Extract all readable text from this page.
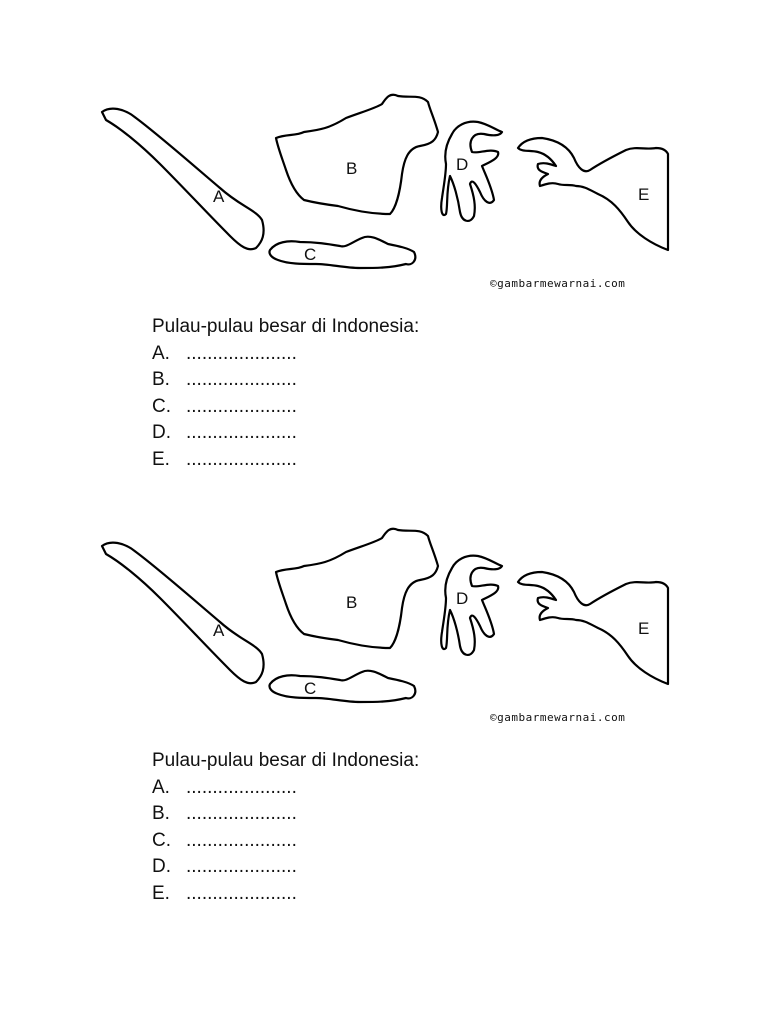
A
B	D
E
C
©gambarmewarnai.com
Pulau-pulau besar di Indonesia:
A. .....................
B. .....................
C. .....................
D. .....................
E. .....................
A
B	D
E
C
©gambarmewarnai.com
Pulau-pulau besar di Indonesia:
A. .....................
B. .....................
C. .....................
D. .....................
E. .....................
